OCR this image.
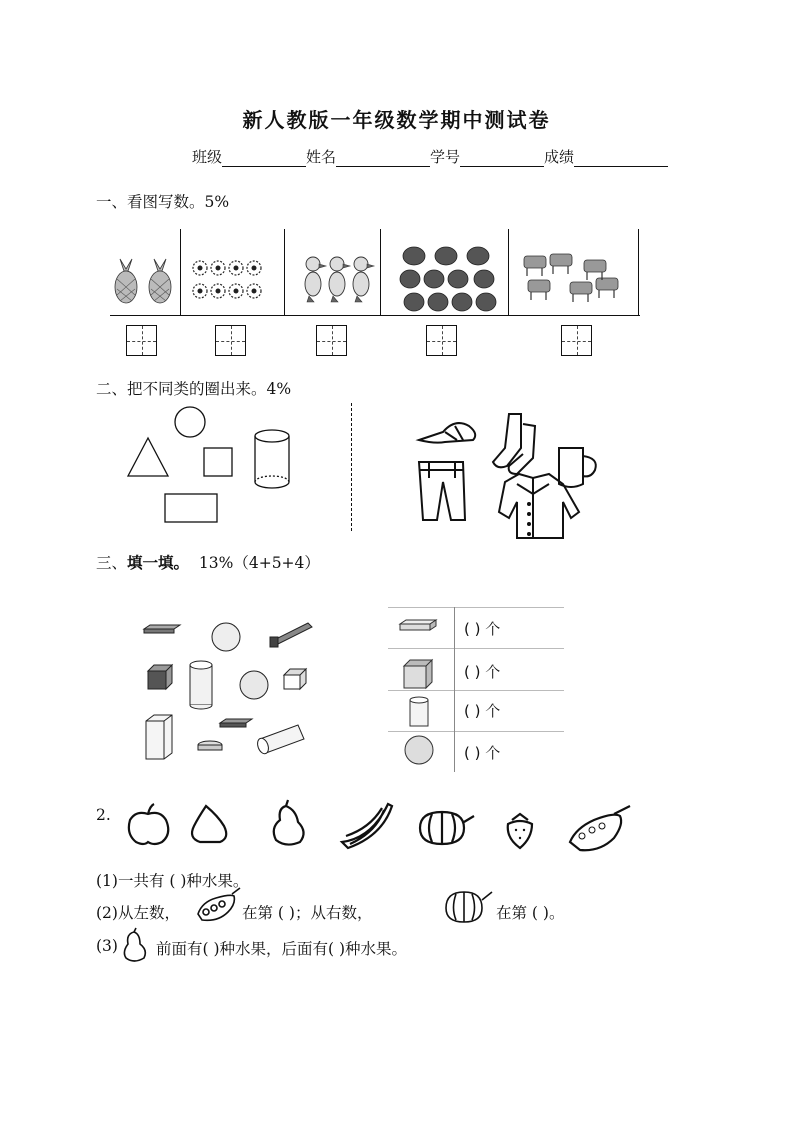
新人教版一年级数学期中测试卷
班级	姓名	学号	成绩
一、看图写数。5%
二、把不同类的圈出来。4%
三、填一填。 13%（4+5+4）
( ) 个
( ) 个
( ) 个
( ) 个
2.
(1)一共有 ( )种水果。
(2)从左数，	在第 ( )；从右数，	在第 ( )。
(3) 前面有( )种水果，后面有( )种水果。
